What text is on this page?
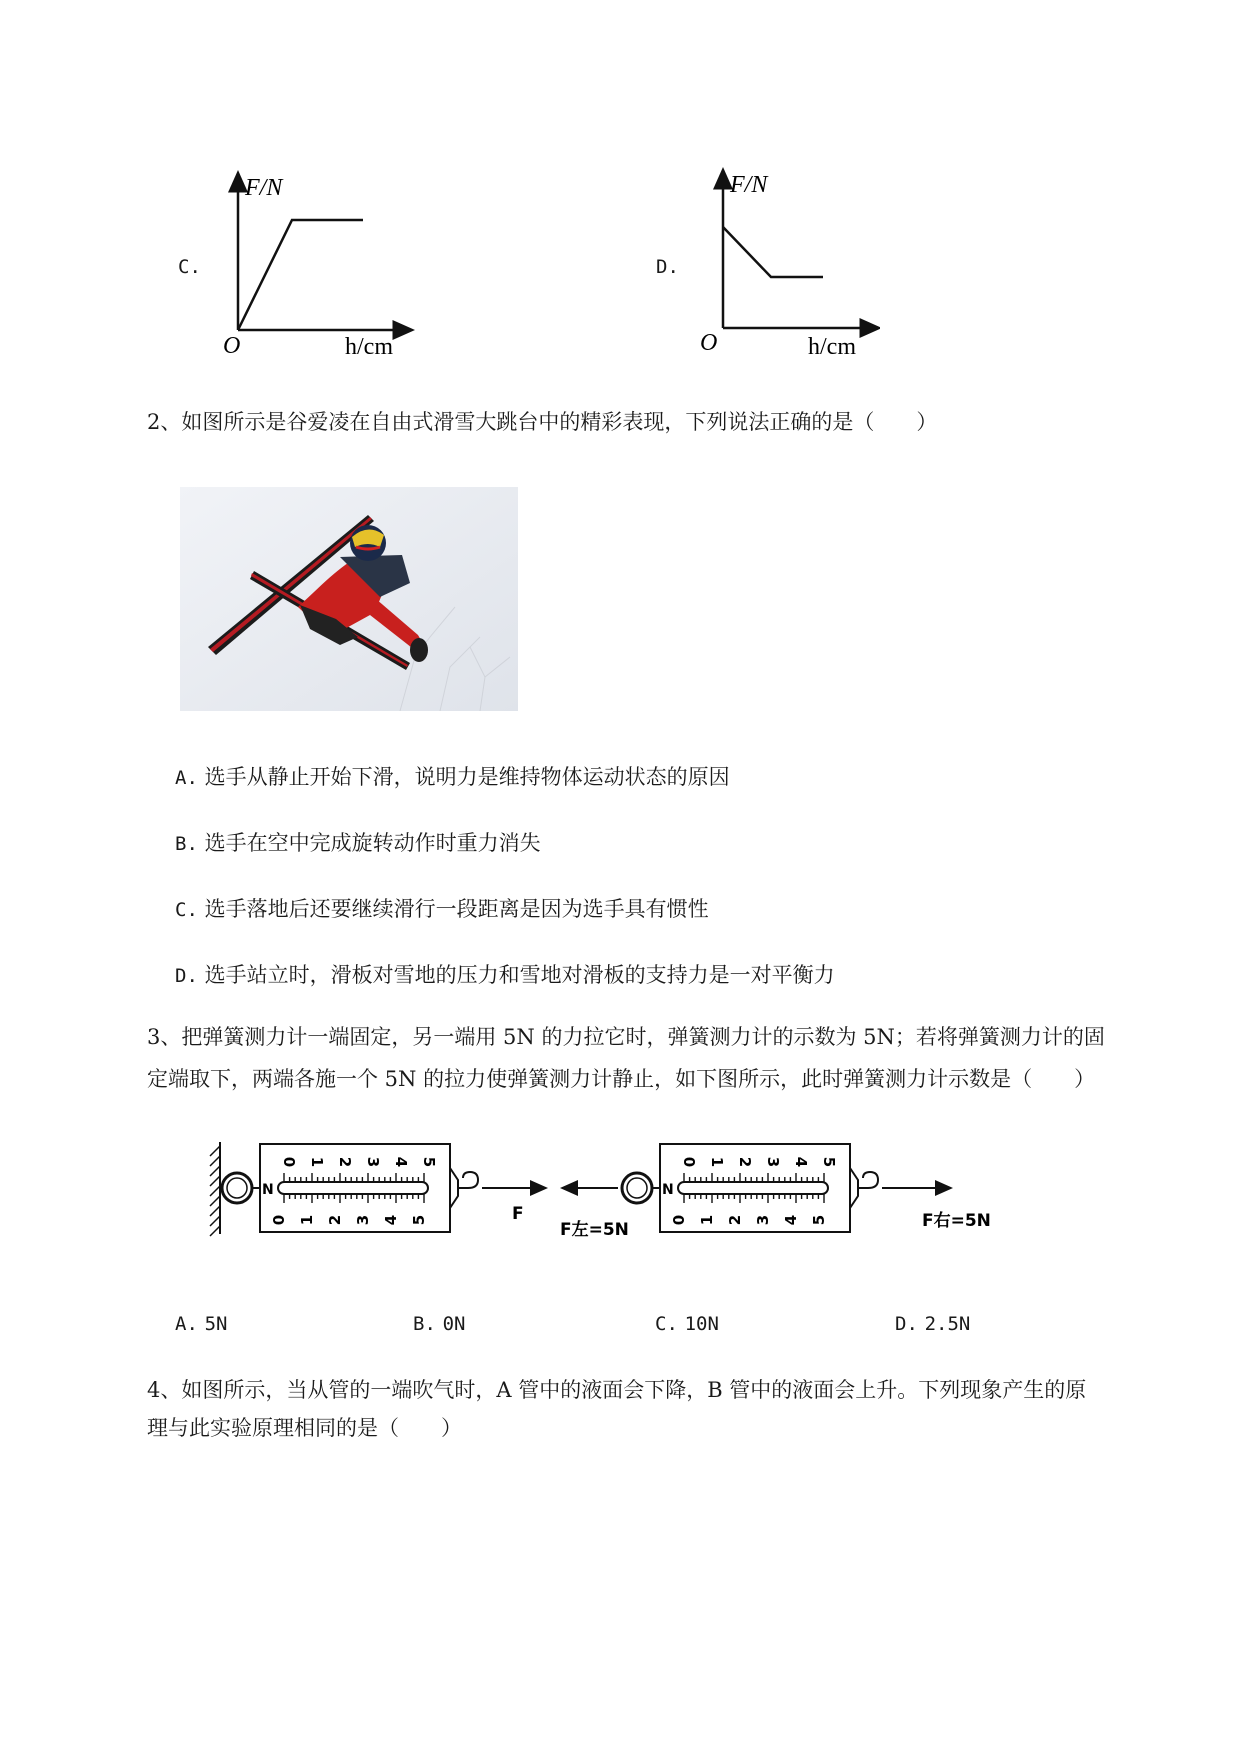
C.
F/N
O	h/cm
D.
F/N
O	h/cm
2、如图所示是谷爱凌在自由式滑雪大跳台中的精彩表现，下列说法正确的是（　　）
A. 选手从静止开始下滑，说明力是维持物体运动状态的原因
B. 选手在空中完成旋转动作时重力消失
C. 选手落地后还要继续滑行一段距离是因为选手具有惯性
D. 选手站立时，滑板对雪地的压力和雪地对滑板的支持力是一对平衡力
3、把弹簧测力计一端固定，另一端用 5N 的力拉它时，弹簧测力计的示数为 5N；若将弹簧测力计的固
定端取下，两端各施一个 5N 的拉力使弹簧测力计静止，如下图所示，此时弹簧测力计示数是（　　）
N
0
0
1
1
2
2
3
3
4
4
5
5	F
F左=5N
N
0
0
1
1
2
2
3
3
4
4
5
5	F右=5N
A. 5N	B. 0N	C. 10N	D. 2.5N
4、如图所示，当从管的一端吹气时，A 管中的液面会下降，B 管中的液面会上升。下列现象产生的原
理与此实验原理相同的是（　　）
